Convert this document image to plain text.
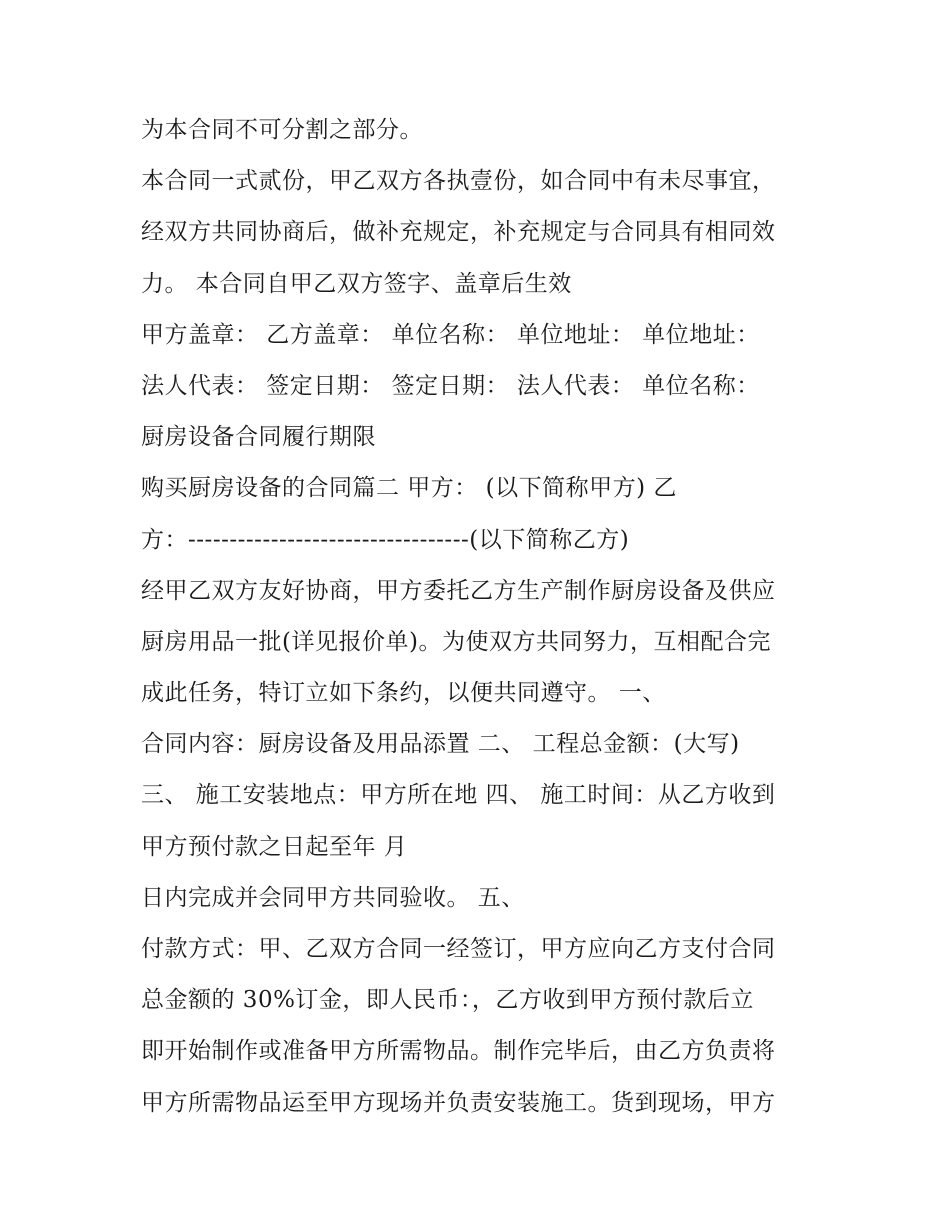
为本合同不可分割之部分。
本合同一式贰份，甲乙双方各执壹份，如合同中有未尽事宜，
经双方共同协商后，做补充规定，补充规定与合同具有相同效
力。 本合同自甲乙双方签字、盖章后生效
甲方盖章： 乙方盖章： 单位名称： 单位地址： 单位地址：
法人代表： 签定日期： 签定日期： 法人代表： 单位名称：
厨房设备合同履行期限
购买厨房设备的合同篇二 甲方： (以下简称甲方) 乙
方：----------------------------------(以下简称乙方)
经甲乙双方友好协商，甲方委托乙方生产制作厨房设备及供应
厨房用品一批(详见报价单)。为使双方共同努力，互相配合完
成此任务，特订立如下条约，以便共同遵守。 一、
合同内容：厨房设备及用品添置 二、 工程总金额：(大写)
三、 施工安装地点：甲方所在地 四、 施工时间：从乙方收到
甲方预付款之日起至年 月
日内完成并会同甲方共同验收。 五、
付款方式：甲、乙双方合同一经签订，甲方应向乙方支付合同
总金额的 30%订金，即人民币：，乙方收到甲方预付款后立
即开始制作或准备甲方所需物品。制作完毕后，由乙方负责将
甲方所需物品运至甲方现场并负责安装施工。货到现场，甲方
